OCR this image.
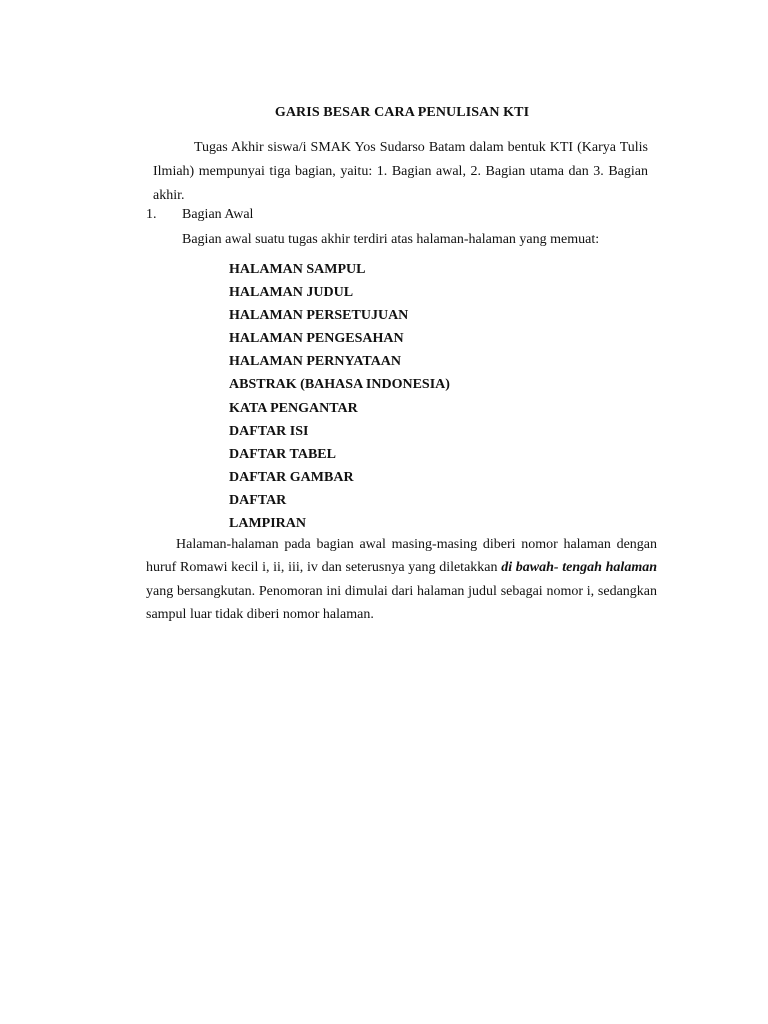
GARIS BESAR CARA PENULISAN KTI

Tugas Akhir siswa/i SMAK Yos Sudarso Batam dalam bentuk KTI (Karya Tulis Ilmiah) mempunyai tiga bagian, yaitu: 1. Bagian awal, 2. Bagian utama dan 3. Bagian akhir.

1. Bagian Awal
Bagian awal suatu tugas akhir terdiri atas halaman-halaman yang memuat:
HALAMAN SAMPUL
HALAMAN JUDUL
HALAMAN PERSETUJUAN
HALAMAN PENGESAHAN
HALAMAN PERNYATAAN
ABSTRAK (BAHASA INDONESIA)
KATA PENGANTAR
DAFTAR ISI
DAFTAR TABEL
DAFTAR GAMBAR
DAFTAR
LAMPIRAN

Halaman-halaman pada bagian awal masing-masing diberi nomor halaman dengan huruf Romawi kecil i, ii, iii, iv dan seterusnya yang diletakkan di bawah- tengah halaman yang bersangkutan. Penomoran ini dimulai dari halaman judul sebagai nomor i, sedangkan sampul luar tidak diberi nomor halaman.
